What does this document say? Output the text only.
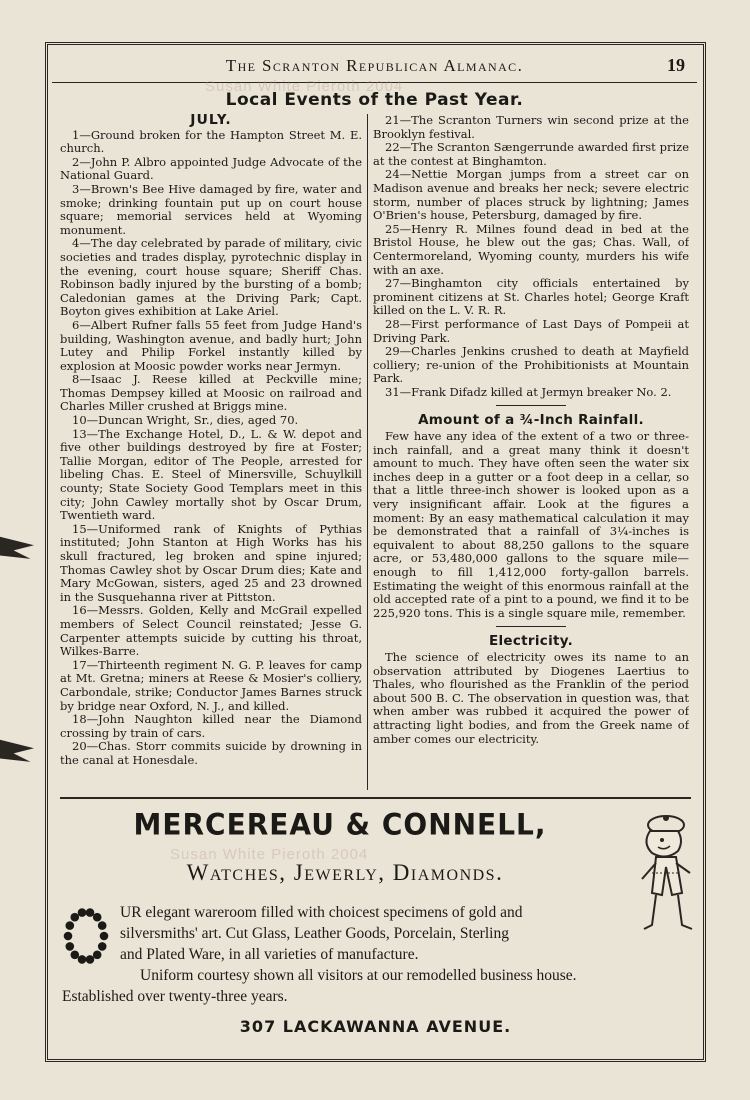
The Scranton Republican Almanac.	19
Susan White Pieroth 2004
Local Events of the Past Year.
JULY.

1—Ground broken for the Hampton Street M. E. church.

2—John P. Albro appointed Judge Advocate of the National Guard.

3—Brown's Bee Hive damaged by fire, water and smoke; drinking fountain put up on court house square; memorial services held at Wyoming monument.

4—The day celebrated by parade of military, civic societies and trades display, pyrotechnic display in the evening, court house square; Sheriff Chas. Robinson badly injured by the bursting of a bomb; Caledonian games at the Driving Park; Capt. Boyton gives exhibition at Lake Ariel.

6—Albert Rufner falls 55 feet from Judge Hand's building, Washington avenue, and badly hurt; John Lutey and Philip Forkel instantly killed by explosion at Moosic powder works near Jermyn.

8—Isaac J. Reese killed at Peckville mine; Thomas Dempsey killed at Moosic on railroad and Charles Miller crushed at Briggs mine.

10—Duncan Wright, Sr., dies, aged 70.

13—The Exchange Hotel, D., L. & W. depot and five other buildings destroyed by fire at Foster; Tallie Morgan, editor of The People, arrested for libeling Chas. E. Steel of Minersville, Schuylkill county; State Society Good Templars meet in this city; John Cawley mortally shot by Oscar Drum, Twentieth ward.

15—Uniformed rank of Knights of Pythias instituted; John Stanton at High Works has his skull fractured, leg broken and spine injured; Thomas Cawley shot by Oscar Drum dies; Kate and Mary McGowan, sisters, aged 25 and 23 drowned in the Susquehanna river at Pittston.

16—Messrs. Golden, Kelly and McGrail expelled members of Select Council reinstated; Jesse G. Carpenter attempts suicide by cutting his throat, Wilkes-Barre.

17—Thirteenth regiment N. G. P. leaves for camp at Mt. Gretna; miners at Reese & Mosier's colliery, Carbondale, strike; Conductor James Barnes struck by bridge near Oxford, N. J., and killed.

18—John Naughton killed near the Diamond crossing by train of cars.

20—Chas. Storr commits suicide by drowning in the canal at Honesdale.

21—The Scranton Turners win second prize at the Brooklyn festival.

22—The Scranton Sængerrunde awarded first prize at the contest at Binghamton.

24—Nettie Morgan jumps from a street car on Madison avenue and breaks her neck; severe electric storm, number of places struck by lightning; James O'Brien's house, Petersburg, damaged by fire.

25—Henry R. Milnes found dead in bed at the Bristol House, he blew out the gas; Chas. Wall, of Centermoreland, Wyoming county, murders his wife with an axe.

27—Binghamton city officials entertained by prominent citizens at St. Charles hotel; George Kraft killed on the L. V. R. R.

28—First performance of Last Days of Pompeii at Driving Park.

29—Charles Jenkins crushed to death at Mayfield colliery; re-union of the Prohibitionists at Mountain Park.

31—Frank Difadz killed at Jermyn breaker No. 2.

Amount of a ¾-Inch Rainfall.

Few have any idea of the extent of a two or three-inch rainfall, and a great many think it doesn't amount to much. They have often seen the water six inches deep in a gutter or a foot deep in a cellar, so that a little three-inch shower is looked upon as a very insignificant affair. Look at the figures a moment: By an easy mathematical calculation it may be demonstrated that a rainfall of 3¼-inches is equivalent to about 88,250 gallons to the square acre, or 53,480,000 gallons to the square mile—enough to fill 1,412,000 forty-gallon barrels. Estimating the weight of this enormous rainfall at the old accepted rate of a pint to a pound, we find it to be 225,920 tons. This is a single square mile, remember.

Electricity.

The science of electricity owes its name to an observation attributed by Diogenes Laertius to Thales, who flourished as the Franklin of the period about 500 B. C. The observation in question was, that when amber was rubbed it acquired the power of attracting light bodies, and from the Greek name of amber comes our electricity.

MERCEREAU & CONNELL,
Susan White Pieroth 2004
Watches, Jewerly, Diamonds.
UR elegant wareroom filled with choicest specimens of gold and
silversmiths' art. Cut Glass, Leather Goods, Porcelain, Sterling
and Plated Ware, in all varieties of manufacture.
Uniform courtesy shown all visitors at our remodelled business house.
Established over twenty-three years.
307 LACKAWANNA AVENUE.
